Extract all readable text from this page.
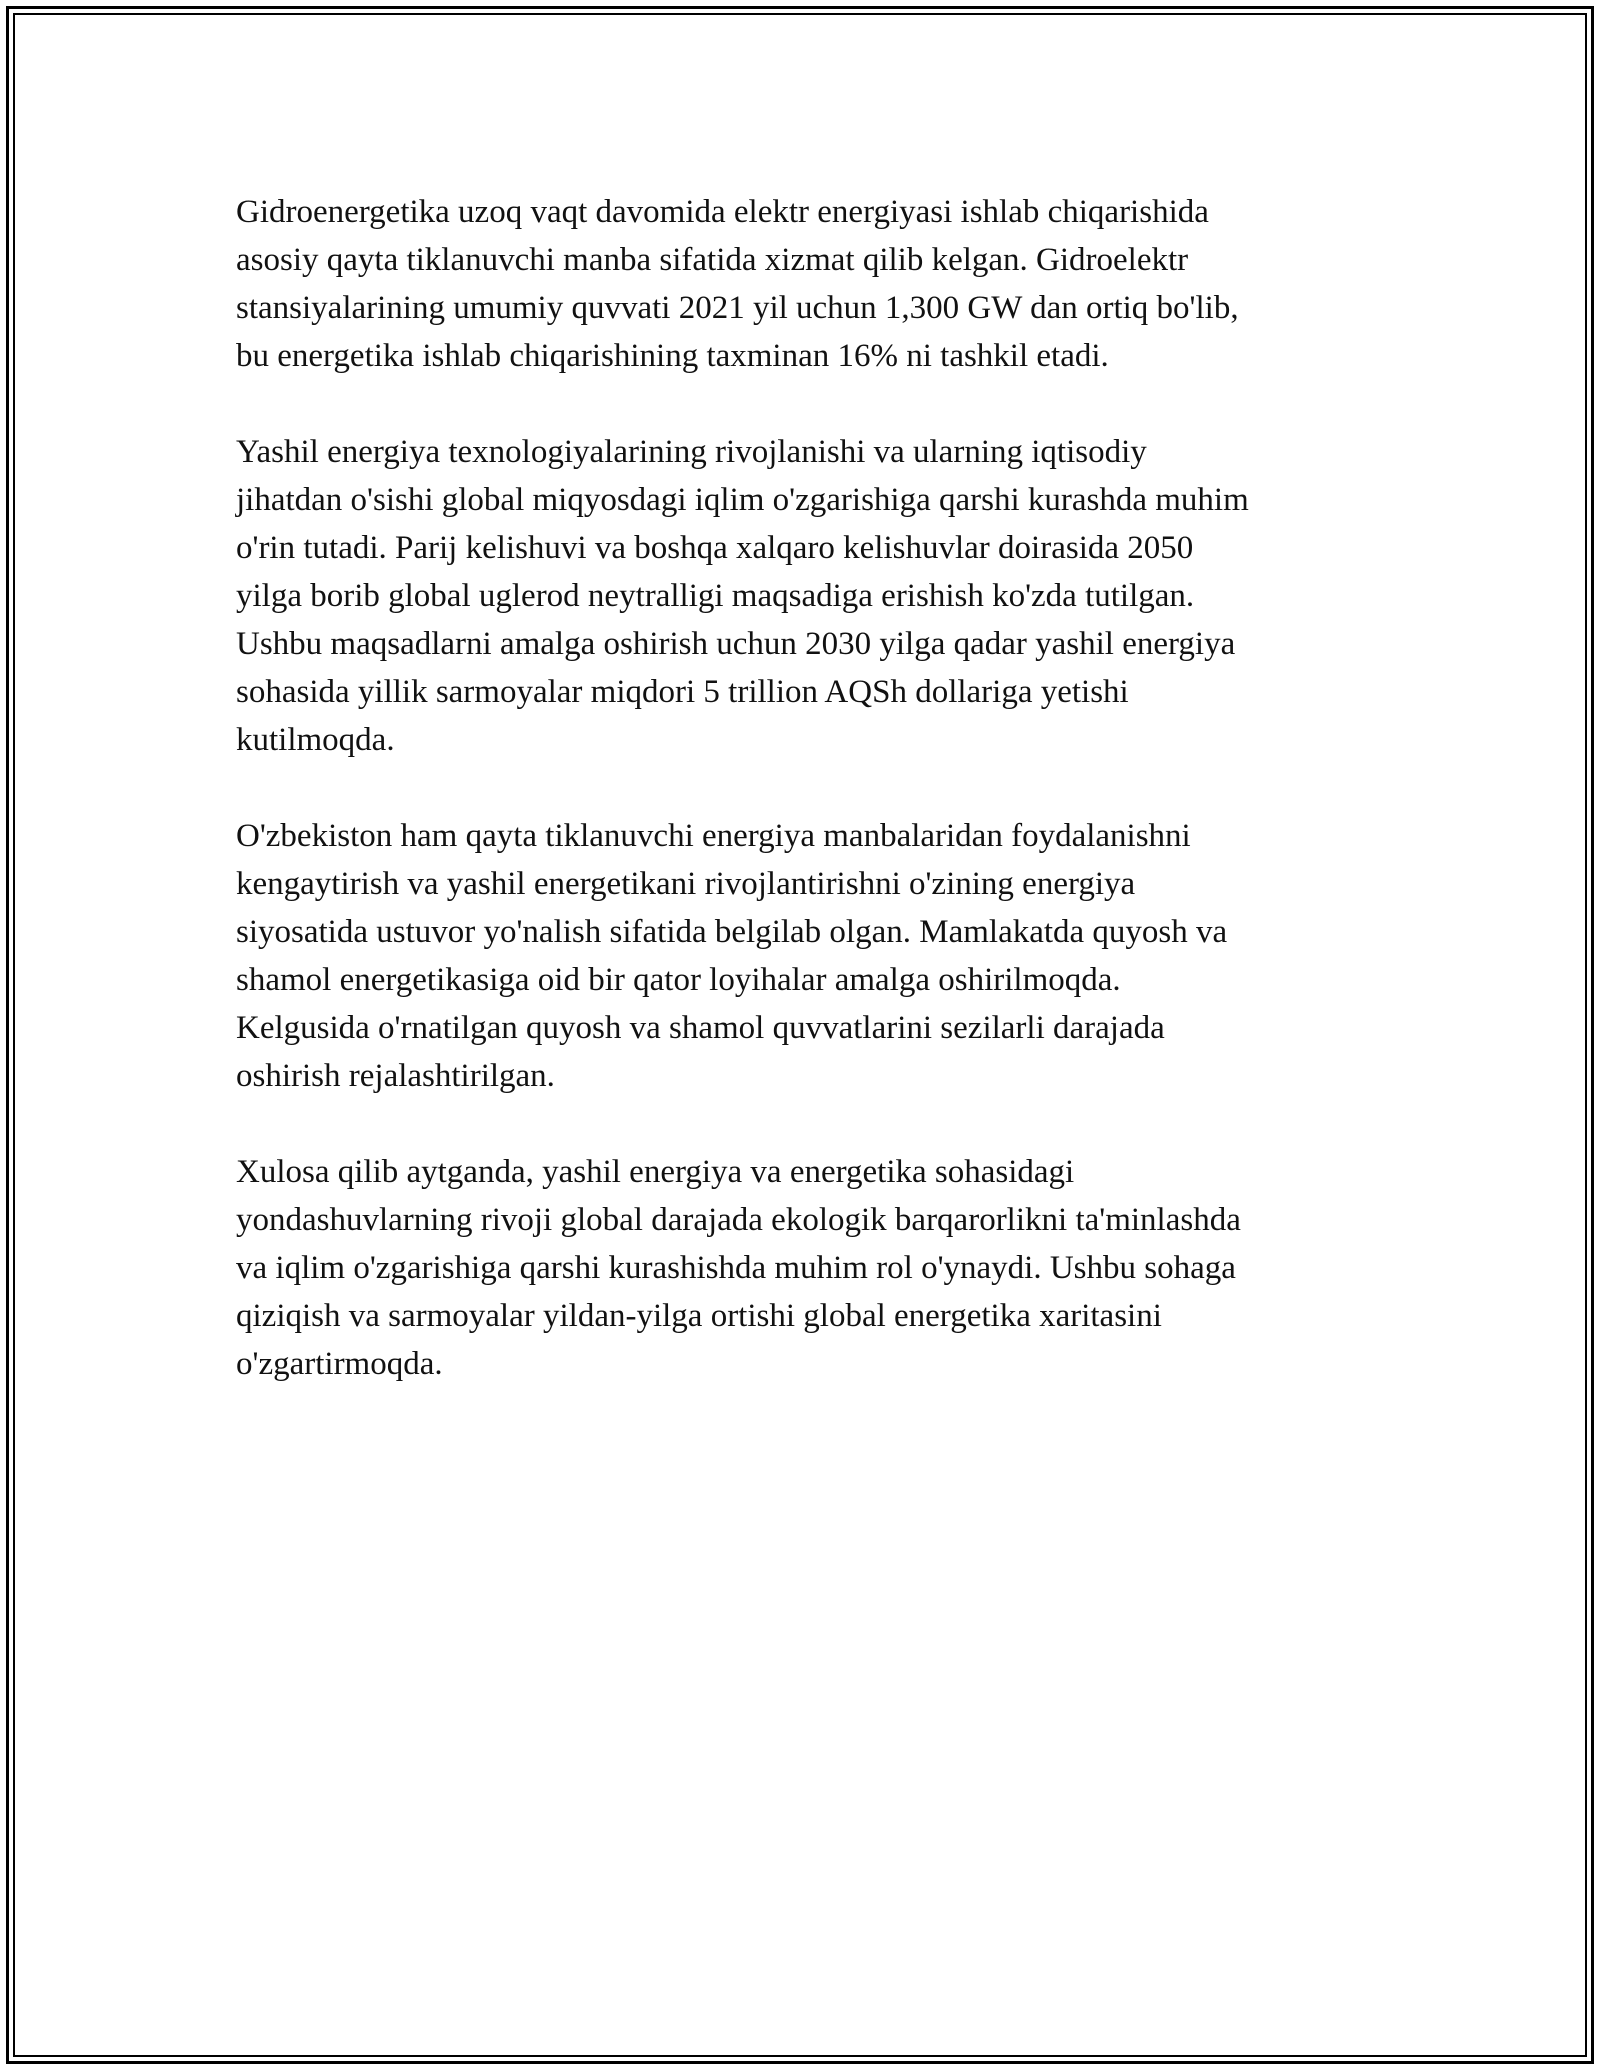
Gidroenergetika uzoq vaqt davomida elektr energiyasi ishlab chiqarishida
asosiy qayta tiklanuvchi manba sifatida xizmat qilib kelgan. Gidroelektr
stansiyalarining umumiy quvvati 2021 yil uchun 1,300 GW dan ortiq bo'lib,
bu energetika ishlab chiqarishining taxminan 16% ni tashkil etadi.

Yashil energiya texnologiyalarining rivojlanishi va ularning iqtisodiy
jihatdan o'sishi global miqyosdagi iqlim o'zgarishiga qarshi kurashda muhim
o'rin tutadi. Parij kelishuvi va boshqa xalqaro kelishuvlar doirasida 2050
yilga borib global uglerod neytralligi maqsadiga erishish ko'zda tutilgan.
Ushbu maqsadlarni amalga oshirish uchun 2030 yilga qadar yashil energiya
sohasida yillik sarmoyalar miqdori 5 trillion AQSh dollariga yetishi
kutilmoqda.

O'zbekiston ham qayta tiklanuvchi energiya manbalaridan foydalanishni
kengaytirish va yashil energetikani rivojlantirishni o'zining energiya
siyosatida ustuvor yo'nalish sifatida belgilab olgan. Mamlakatda quyosh va
shamol energetikasiga oid bir qator loyihalar amalga oshirilmoqda.
Kelgusida o'rnatilgan quyosh va shamol quvvatlarini sezilarli darajada
oshirish rejalashtirilgan.

Xulosa qilib aytganda, yashil energiya va energetika sohasidagi
yondashuvlarning rivoji global darajada ekologik barqarorlikni ta'minlashda
va iqlim o'zgarishiga qarshi kurashishda muhim rol o'ynaydi. Ushbu sohaga
qiziqish va sarmoyalar yildan-yilga ortishi global energetika xaritasini
o'zgartirmoqda.
